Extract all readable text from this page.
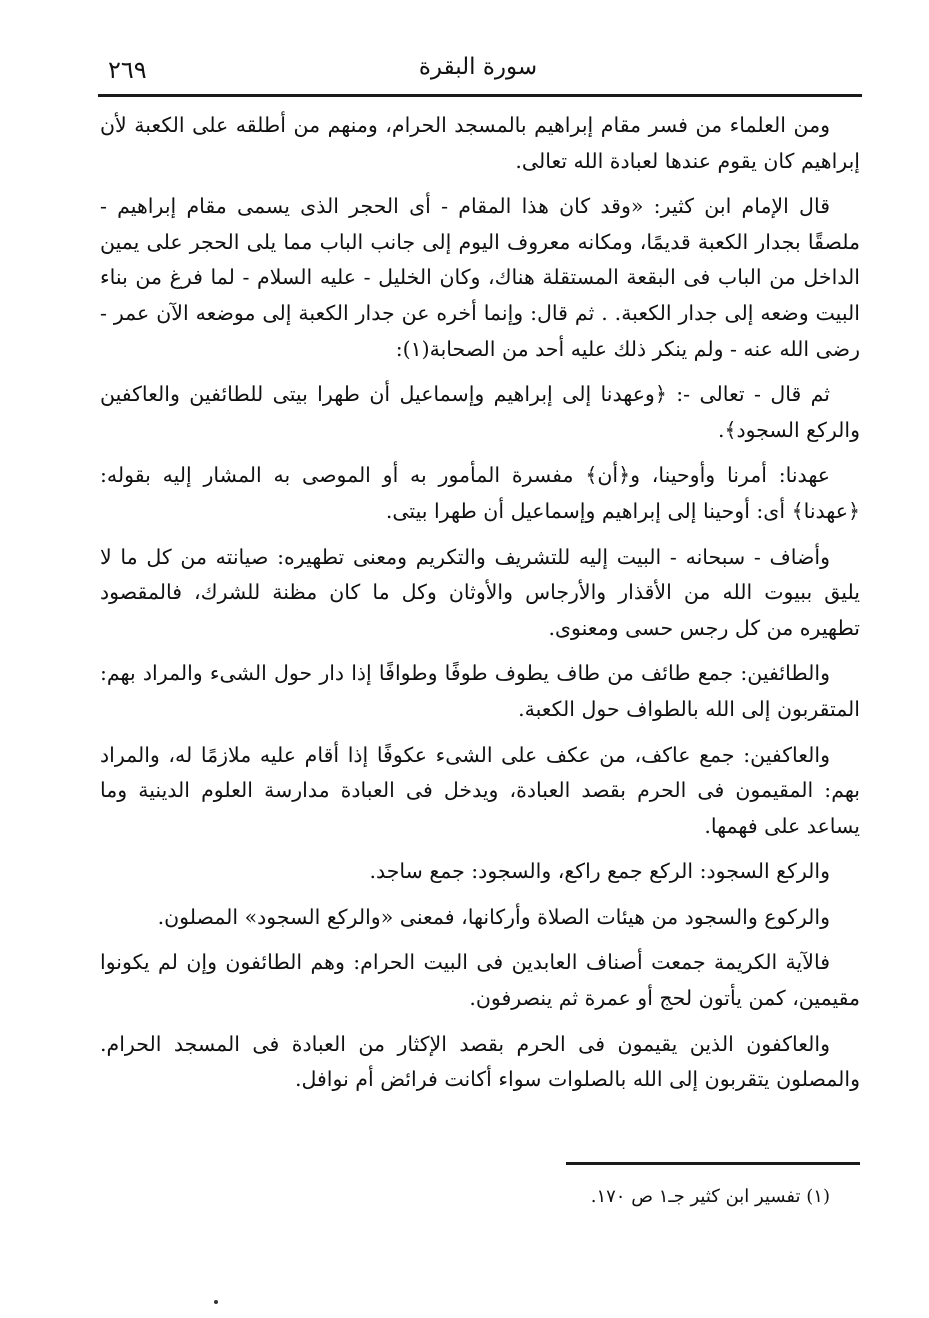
٢٦٩	سورة البقرة

ومن العلماء من فسر مقام إبراهيم بالمسجد الحرام، ومنهم من أطلقه على الكعبة لأن إبراهيم كان يقوم عندها لعبادة الله تعالى.

قال الإمام ابن كثير: «وقد كان هذا المقام - أى الحجر الذى يسمى مقام إبراهيم - ملصقًا بجدار الكعبة قديمًا، ومكانه معروف اليوم إلى جانب الباب مما يلى الحجر على يمين الداخل من الباب فى البقعة المستقلة هناك، وكان الخليل - عليه السلام - لما فرغ من بناء البيت وضعه إلى جدار الكعبة. . ثم قال: وإنما أخره عن جدار الكعبة إلى موضعه الآن عمر - رضى الله عنه - ولم ينكر ذلك عليه أحد من الصحابة(١):

ثم قال - تعالى -: ﴿وعهدنا إلى إبراهيم وإسماعيل أن طهرا بيتى للطائفين والعاكفين والركع السجود﴾.

عهدنا: أمرنا وأوحينا، و﴿أن﴾ مفسرة المأمور به أو الموصى به المشار إليه بقوله: ﴿عهدنا﴾ أى: أوحينا إلى إبراهيم وإسماعيل أن طهرا بيتى.

وأضاف - سبحانه - البيت إليه للتشريف والتكريم ومعنى تطهيره: صيانته من كل ما لا يليق ببيوت الله من الأقذار والأرجاس والأوثان وكل ما كان مظنة للشرك، فالمقصود تطهيره من كل رجس حسى ومعنوى.

والطائفين: جمع طائف من طاف يطوف طوفًا وطوافًا إذا دار حول الشىء والمراد بهم: المتقربون إلى الله بالطواف حول الكعبة.

والعاكفين: جمع عاكف، من عكف على الشىء عكوفًا إذا أقام عليه ملازمًا له، والمراد بهم: المقيمون فى الحرم بقصد العبادة، ويدخل فى العبادة مدارسة العلوم الدينية وما يساعد على فهمها.

والركع السجود: الركع جمع راكع، والسجود: جمع ساجد.

والركوع والسجود من هيئات الصلاة وأركانها، فمعنى «والركع السجود» المصلون.

فالآية الكريمة جمعت أصناف العابدين فى البيت الحرام: وهم الطائفون وإن لم يكونوا مقيمين، كمن يأتون لحج أو عمرة ثم ينصرفون.

والعاكفون الذين يقيمون فى الحرم بقصد الإكثار من العبادة فى المسجد الحرام. والمصلون يتقربون إلى الله بالصلوات سواء أكانت فرائض أم نوافل.

(١) تفسير ابن كثير جـ١ ص ١٧٠.
